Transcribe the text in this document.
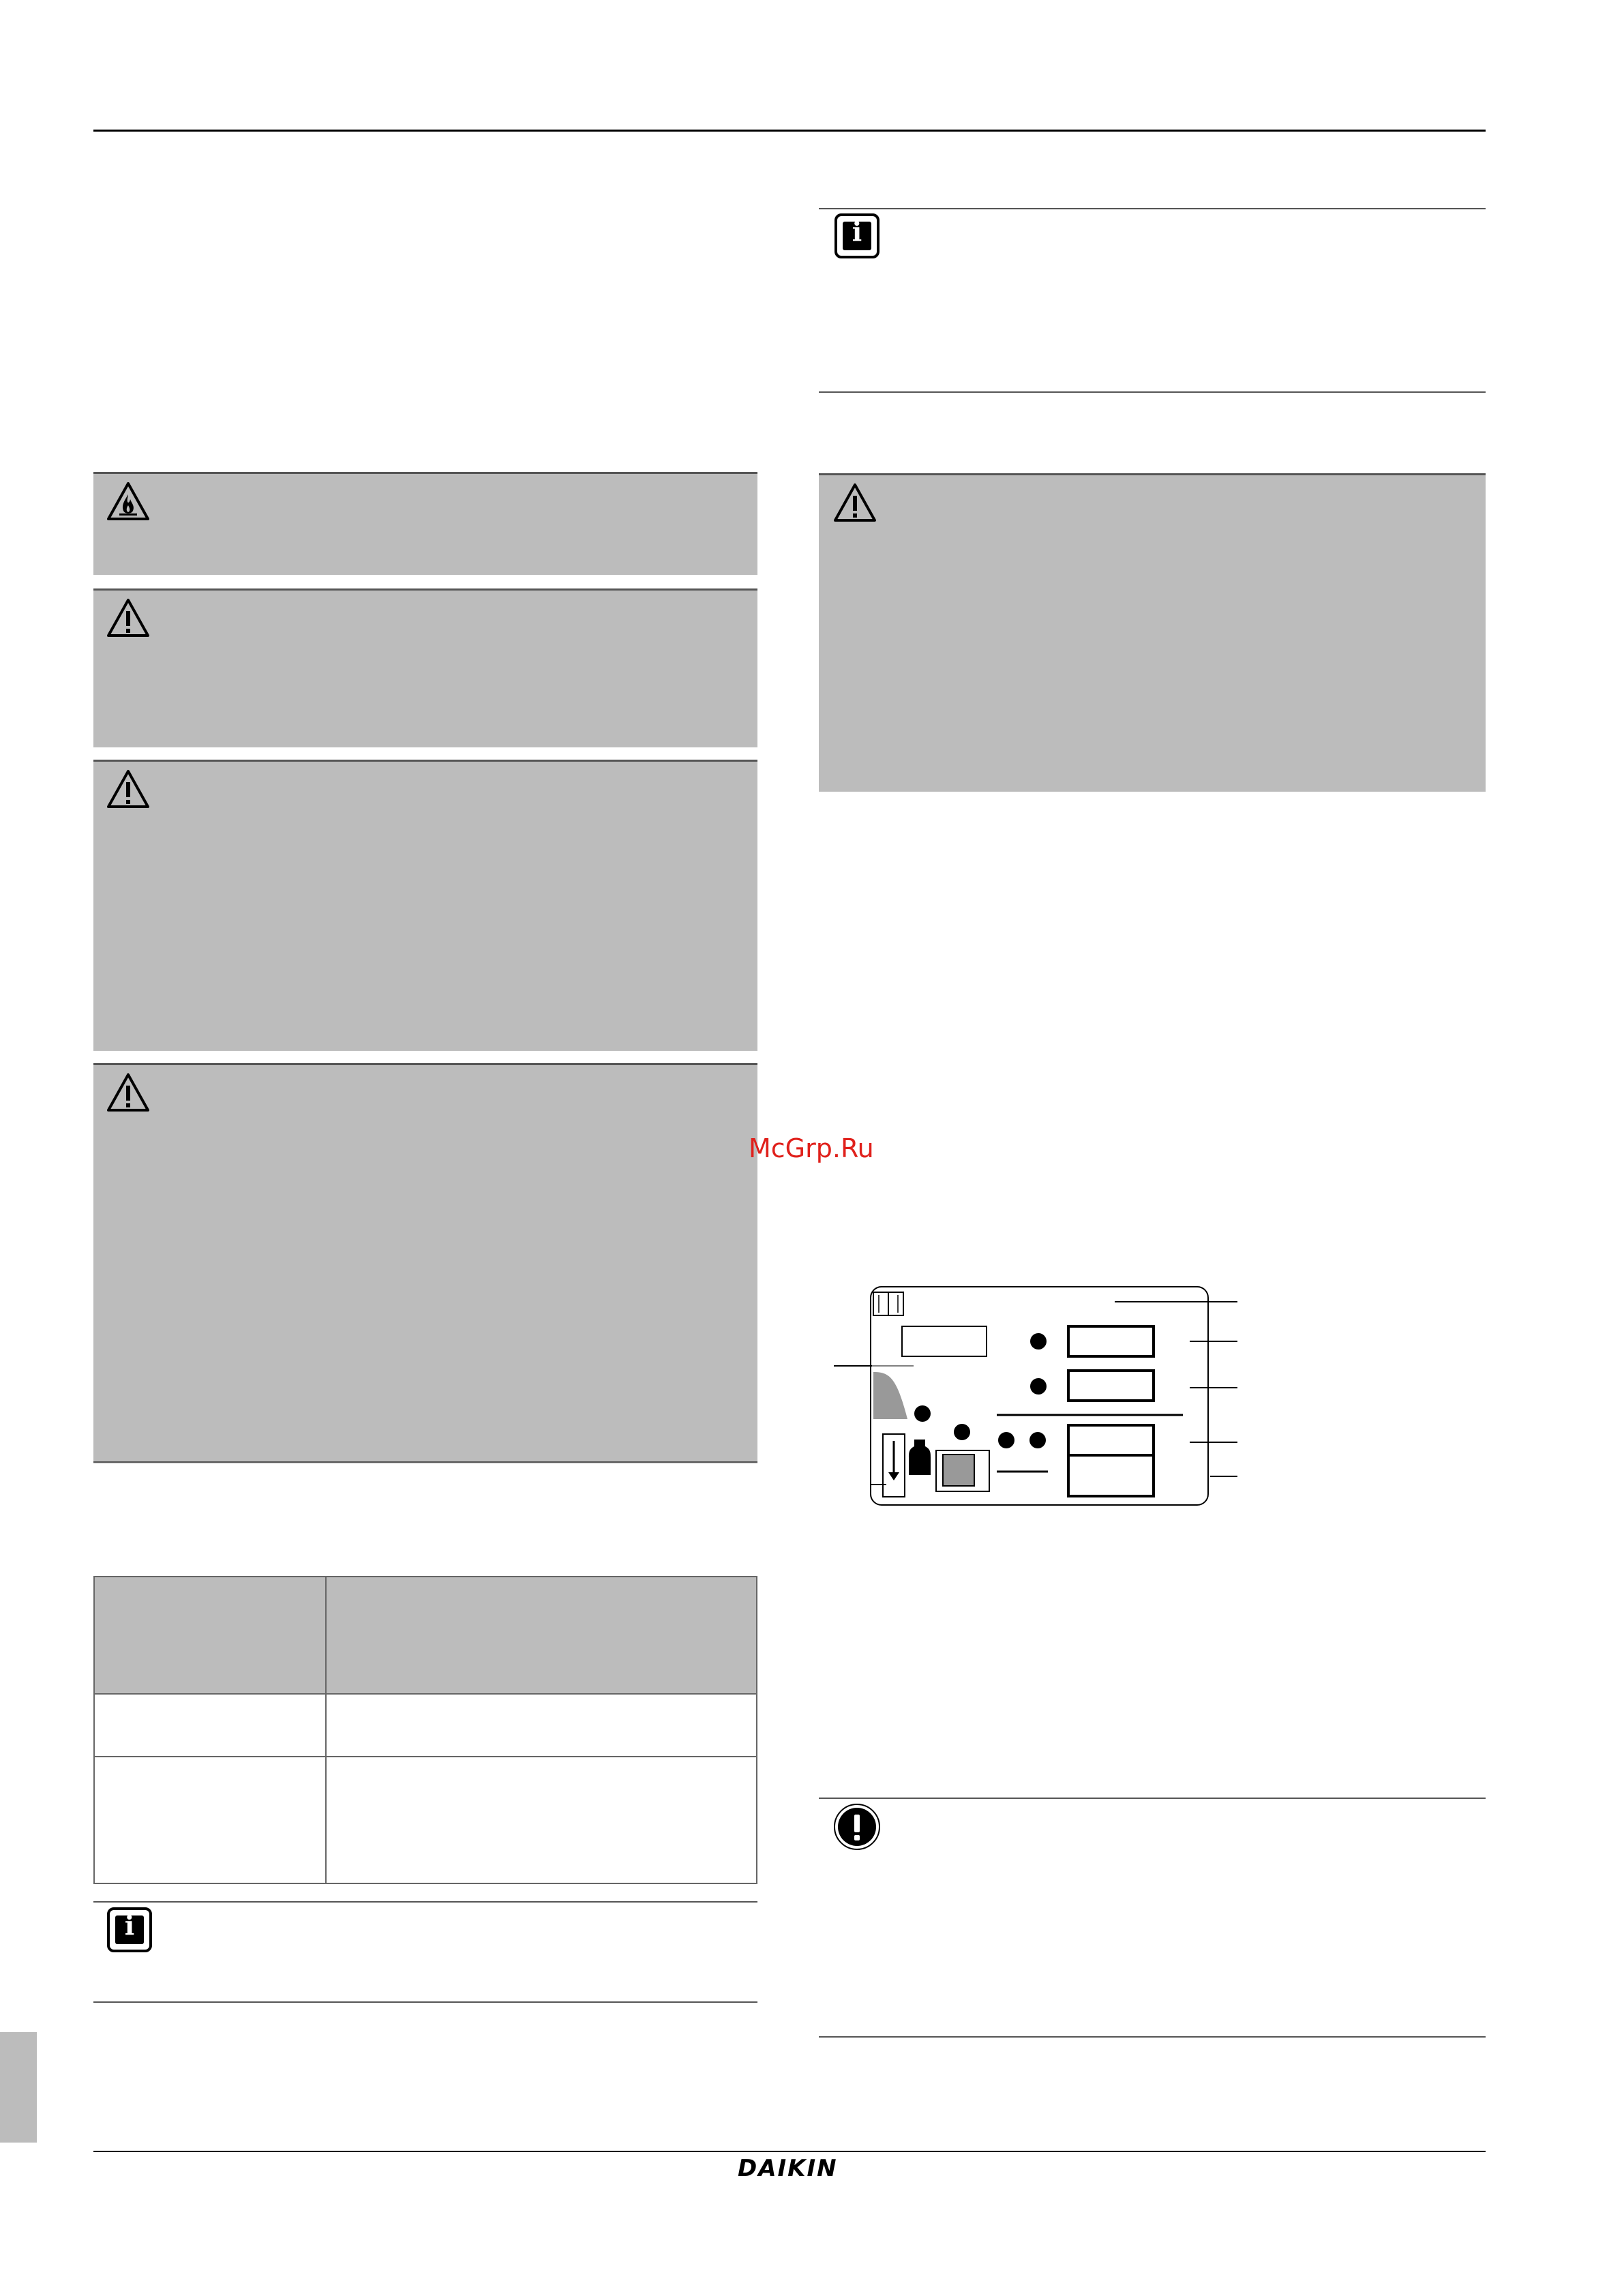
i
i
McGrp.Ru
DAIKIN
